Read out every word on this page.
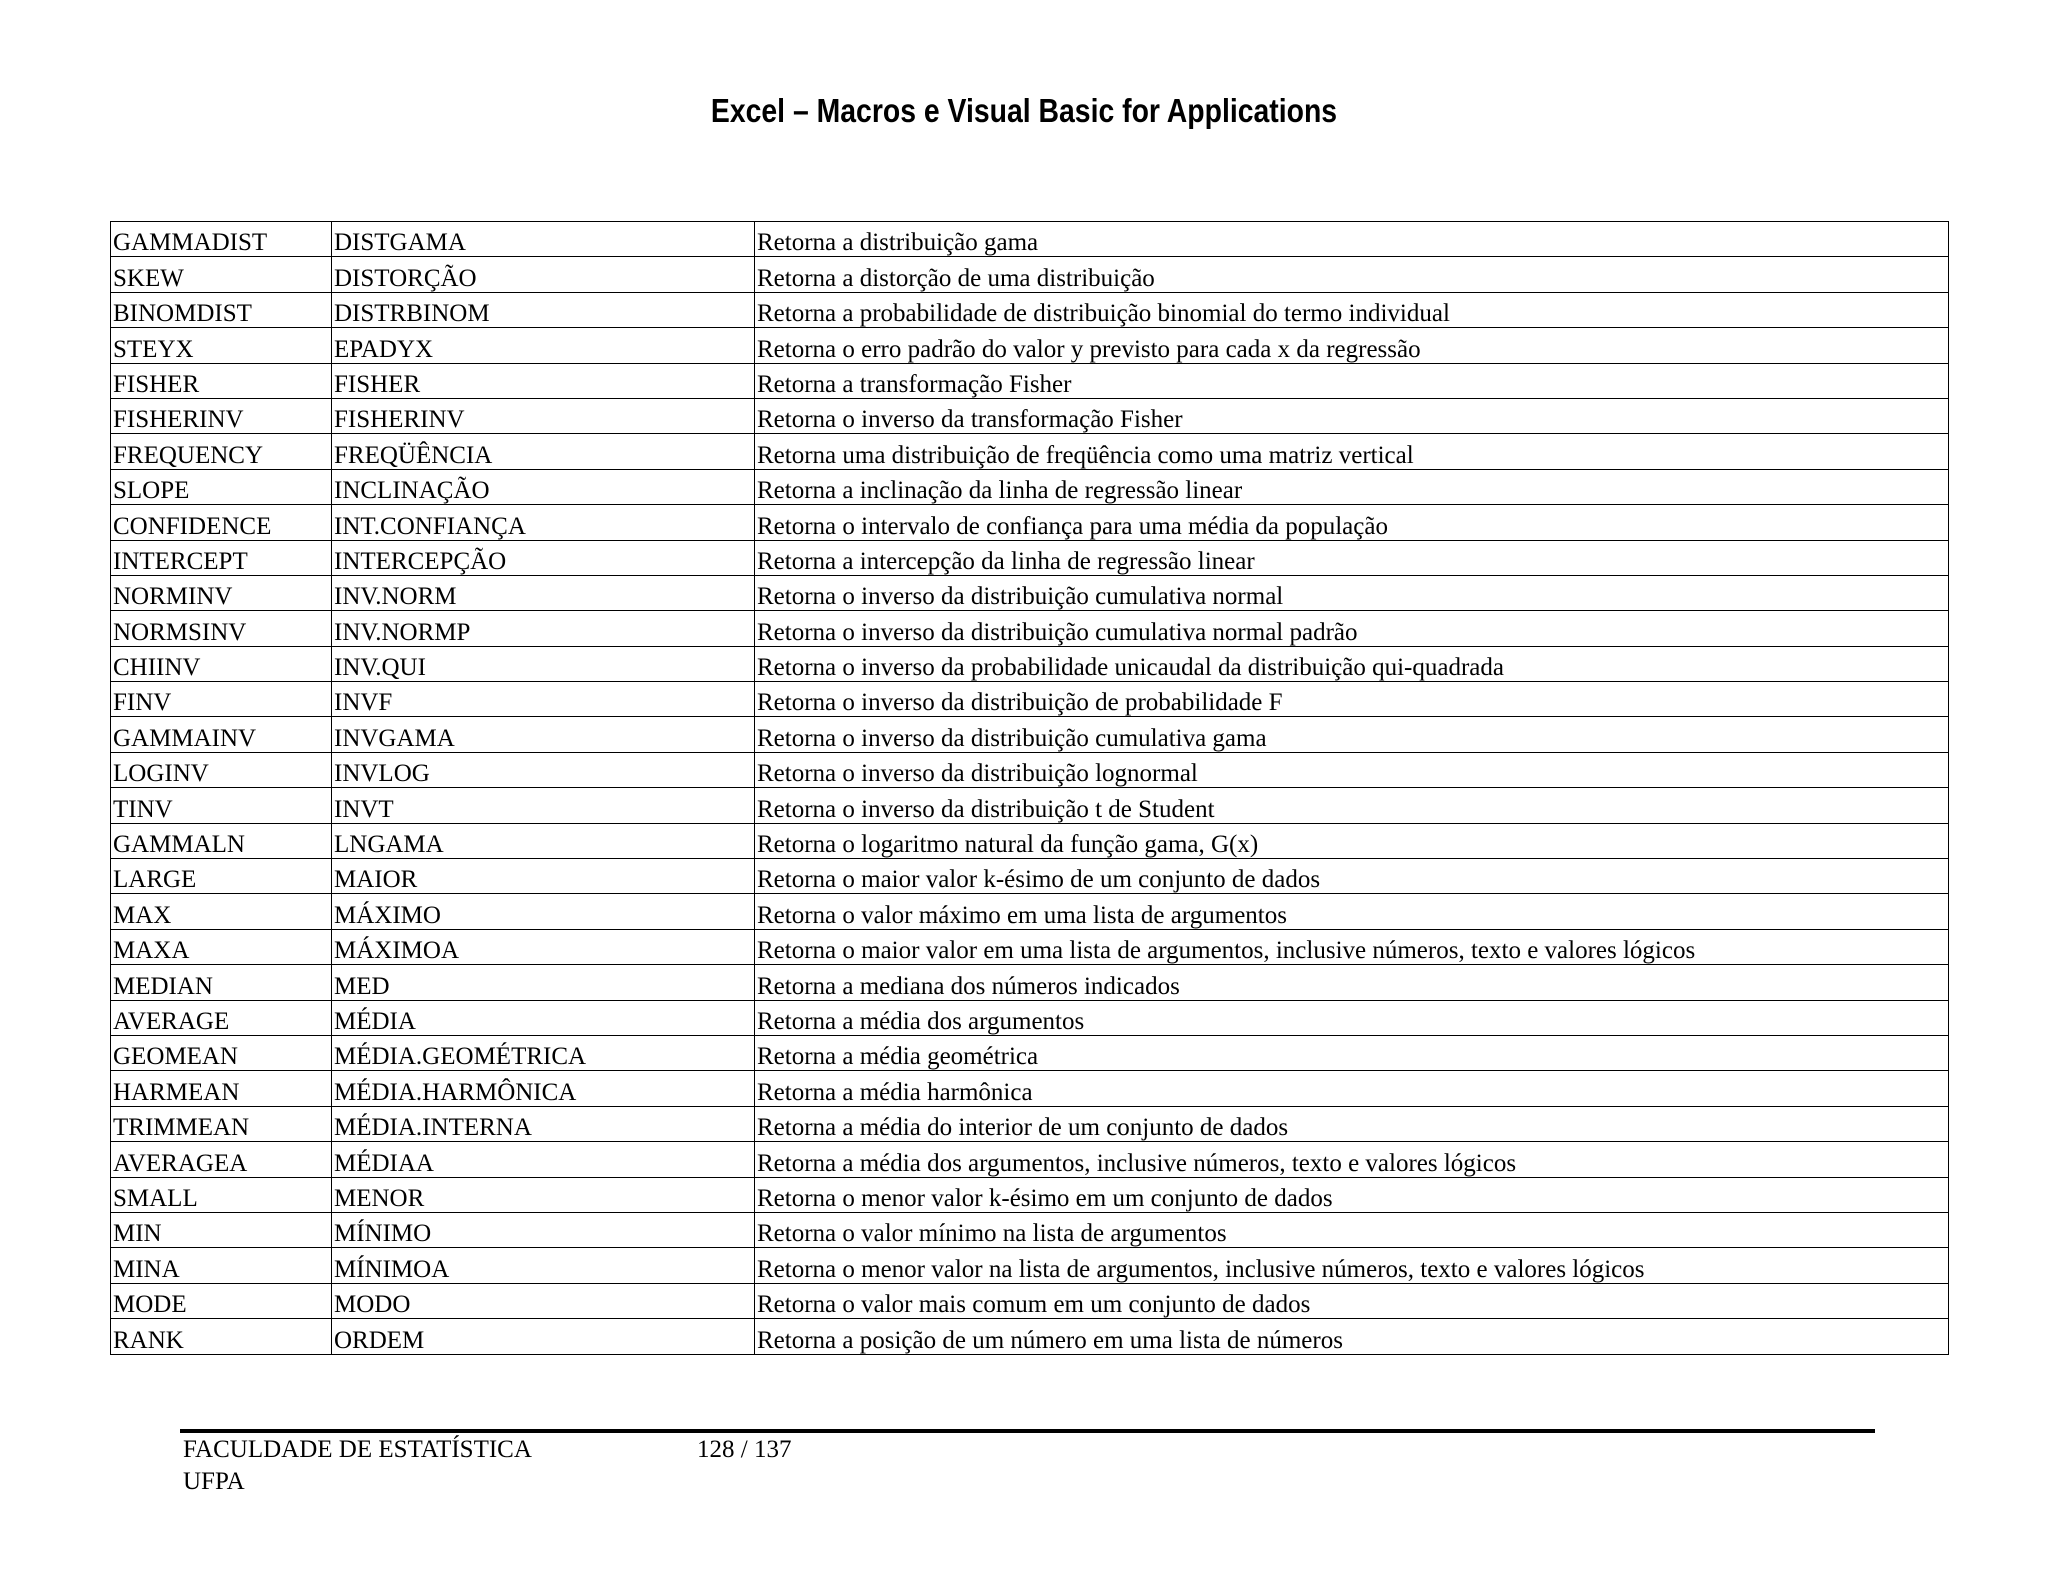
Excel – Macros e Visual Basic for Applications
GAMMADIST	DISTGAMA	Retorna a distribuição gama
SKEW	DISTORÇÃO	Retorna a distorção de uma distribuição
BINOMDIST	DISTRBINOM	Retorna a probabilidade de distribuição binomial do termo individual
STEYX	EPADYX	Retorna o erro padrão do valor y previsto para cada x da regressão
FISHER	FISHER	Retorna a transformação Fisher
FISHERINV	FISHERINV	Retorna o inverso da transformação Fisher
FREQUENCY	FREQÜÊNCIA	Retorna uma distribuição de freqüência como uma matriz vertical
SLOPE	INCLINAÇÃO	Retorna a inclinação da linha de regressão linear
CONFIDENCE	INT.CONFIANÇA	Retorna o intervalo de confiança para uma média da população
INTERCEPT	INTERCEPÇÃO	Retorna a intercepção da linha de regressão linear
NORMINV	INV.NORM	Retorna o inverso da distribuição cumulativa normal
NORMSINV	INV.NORMP	Retorna o inverso da distribuição cumulativa normal padrão
CHIINV	INV.QUI	Retorna o inverso da probabilidade unicaudal da distribuição qui-quadrada
FINV	INVF	Retorna o inverso da distribuição de probabilidade F
GAMMAINV	INVGAMA	Retorna o inverso da distribuição cumulativa gama
LOGINV	INVLOG	Retorna o inverso da distribuição lognormal
TINV	INVT	Retorna o inverso da distribuição t de Student
GAMMALN	LNGAMA	Retorna o logaritmo natural da função gama, G(x)
LARGE	MAIOR	Retorna o maior valor k-ésimo de um conjunto de dados
MAX	MÁXIMO	Retorna o valor máximo em uma lista de argumentos
MAXA	MÁXIMOA	Retorna o maior valor em uma lista de argumentos, inclusive números, texto e valores lógicos
MEDIAN	MED	Retorna a mediana dos números indicados
AVERAGE	MÉDIA	Retorna a média dos argumentos
GEOMEAN	MÉDIA.GEOMÉTRICA	Retorna a média geométrica
HARMEAN	MÉDIA.HARMÔNICA	Retorna a média harmônica
TRIMMEAN	MÉDIA.INTERNA	Retorna a média do interior de um conjunto de dados
AVERAGEA	MÉDIAA	Retorna a média dos argumentos, inclusive números, texto e valores lógicos
SMALL	MENOR	Retorna o menor valor k-ésimo em um conjunto de dados
MIN	MÍNIMO	Retorna o valor mínimo na lista de argumentos
MINA	MÍNIMOA	Retorna o menor valor na lista de argumentos, inclusive números, texto e valores lógicos
MODE	MODO	Retorna o valor mais comum em um conjunto de dados
RANK	ORDEM	Retorna a posição de um número em uma lista de números
FACULDADE DE ESTATÍSTICA
UFPA
128 / 137
